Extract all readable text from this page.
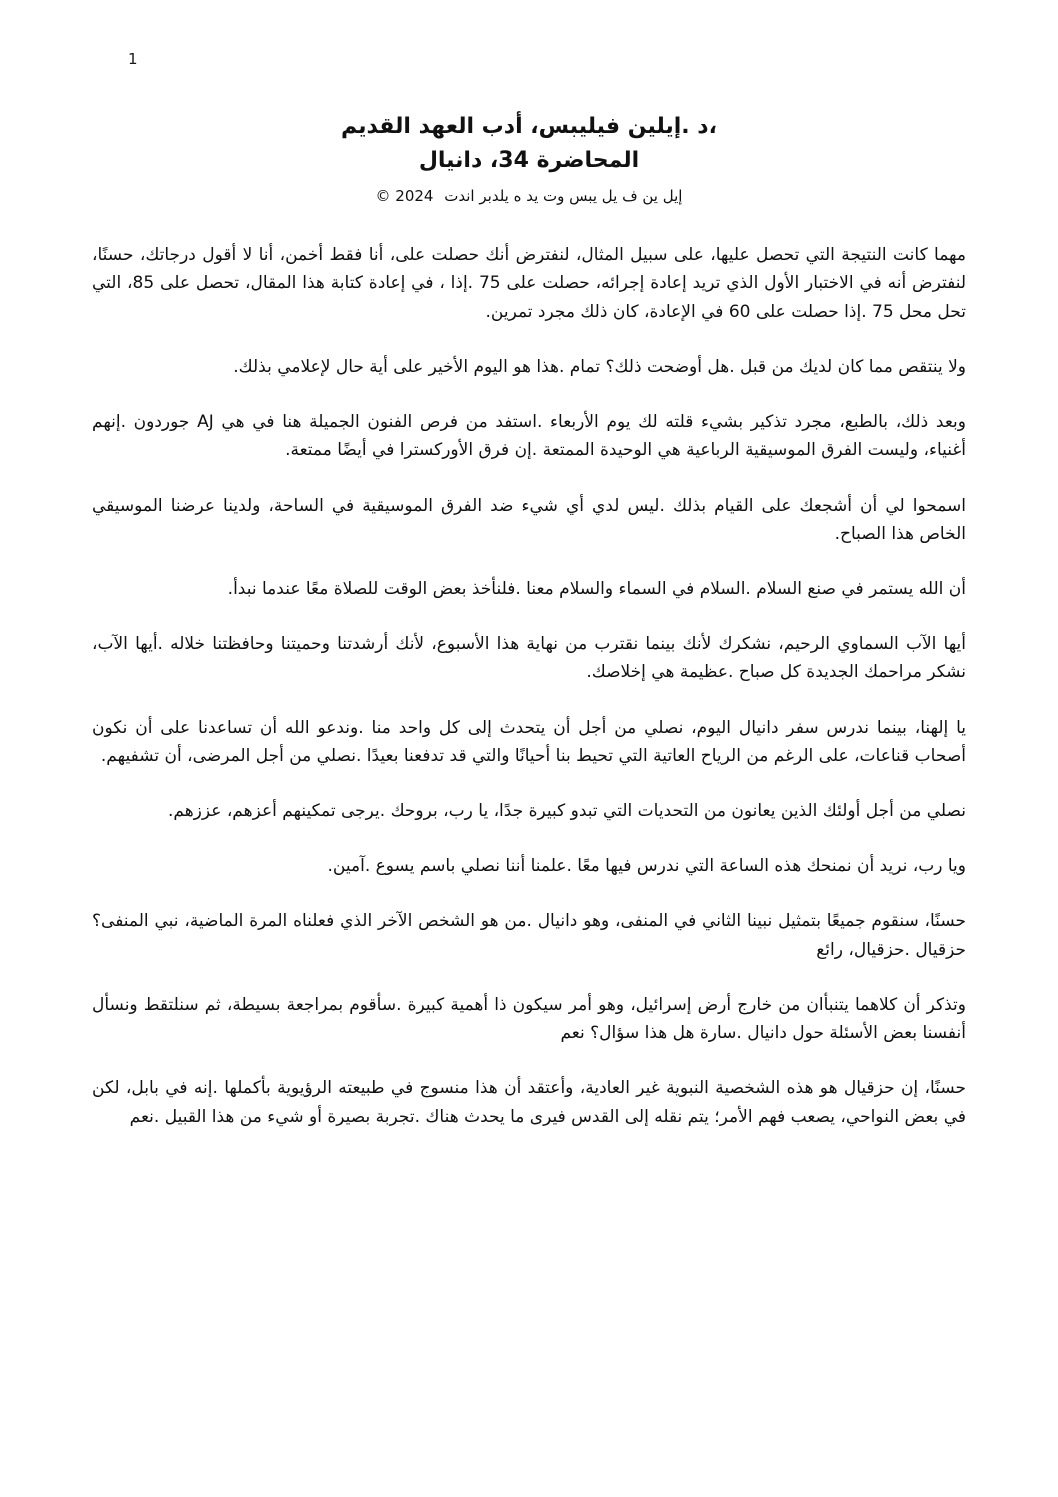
1
،د .إيلين فيليبس، أدب العهد القديم
المحاضرة 34، دانيال
إيل ين ف يل يبس وت يد ه يلدبر اندت © 2024

مهما كانت النتيجة التي تحصل عليها، على سبيل المثال، لنفترض أنك حصلت على، أنا فقط أخمن، أنا لا أقول درجاتك، حسنًا، لنفترض أنه في الاختبار الأول الذي تريد إعادة إجرائه، حصلت على 75 .إذا ، في إعادة كتابة هذا المقال، تحصل على 85، التي تحل محل 75 .إذا حصلت على 60 في الإعادة، كان ذلك مجرد تمرين.

ولا ينتقص مما كان لديك من قبل .هل أوضحت ذلك؟ تمام .هذا هو اليوم الأخير على أية حال لإعلامي بذلك.

وبعد ذلك، بالطبع، مجرد تذكير بشيء قلته لك يوم الأربعاء .استفد من فرص الفنون الجميلة هنا في هي AJ جوردون .إنهم أغنياء، وليست الفرق الموسيقية الرباعية هي الوحيدة الممتعة .إن فرق الأوركسترا في أيضًا ممتعة.

اسمحوا لي أن أشجعك على القيام بذلك .ليس لدي أي شيء ضد الفرق الموسيقية في الساحة، ولدينا عرضنا الموسيقي الخاص هذا الصباح.

أن الله يستمر في صنع السلام .السلام في السماء والسلام معنا .فلنأخذ بعض الوقت للصلاة معًا عندما نبدأ.

أيها الآب السماوي الرحيم، نشكرك لأنك بينما نقترب من نهاية هذا الأسبوع، لأنك أرشدتنا وحميتنا وحافظتنا خلاله .أيها الآب، نشكر مراحمك الجديدة كل صباح .عظيمة هي إخلاصك.

يا إلهنا، بينما ندرس سفر دانيال اليوم، نصلي من أجل أن يتحدث إلى كل واحد منا .وندعو الله أن تساعدنا على أن نكون أصحاب قناعات، على الرغم من الرياح العاتية التي تحيط بنا أحيانًا والتي قد تدفعنا بعيدًا .نصلي من أجل المرضى، أن تشفيهم.

نصلي من أجل أولئك الذين يعانون من التحديات التي تبدو كبيرة جدًا، يا رب، بروحك .يرجى تمكينهم أعزهم، عززهم.

ويا رب، نريد أن نمنحك هذه الساعة التي ندرس فيها معًا .علمنا أننا نصلي باسم يسوع .آمين.

حسنًا، سنقوم جميعًا بتمثيل نبينا الثاني في المنفى، وهو دانيال .من هو الشخص الآخر الذي فعلناه المرة الماضية، نبي المنفى؟ حزقيال .حزقيال، رائع

وتذكر أن كلاهما يتنبأان من خارج أرض إسرائيل، وهو أمر سيكون ذا أهمية كبيرة .سأقوم بمراجعة بسيطة، ثم سنلتقط ونسأل أنفسنا بعض الأسئلة حول دانيال .سارة هل هذا سؤال؟ نعم

حسنًا، إن حزقيال هو هذه الشخصية النبوية غير العادية، وأعتقد أن هذا منسوج في طبيعته الرؤيوية بأكملها .إنه في بابل، لكن في بعض النواحي، يصعب فهم الأمر؛ يتم نقله إلى القدس فيرى ما يحدث هناك .تجربة بصيرة أو شيء من هذا القبيل .نعم
